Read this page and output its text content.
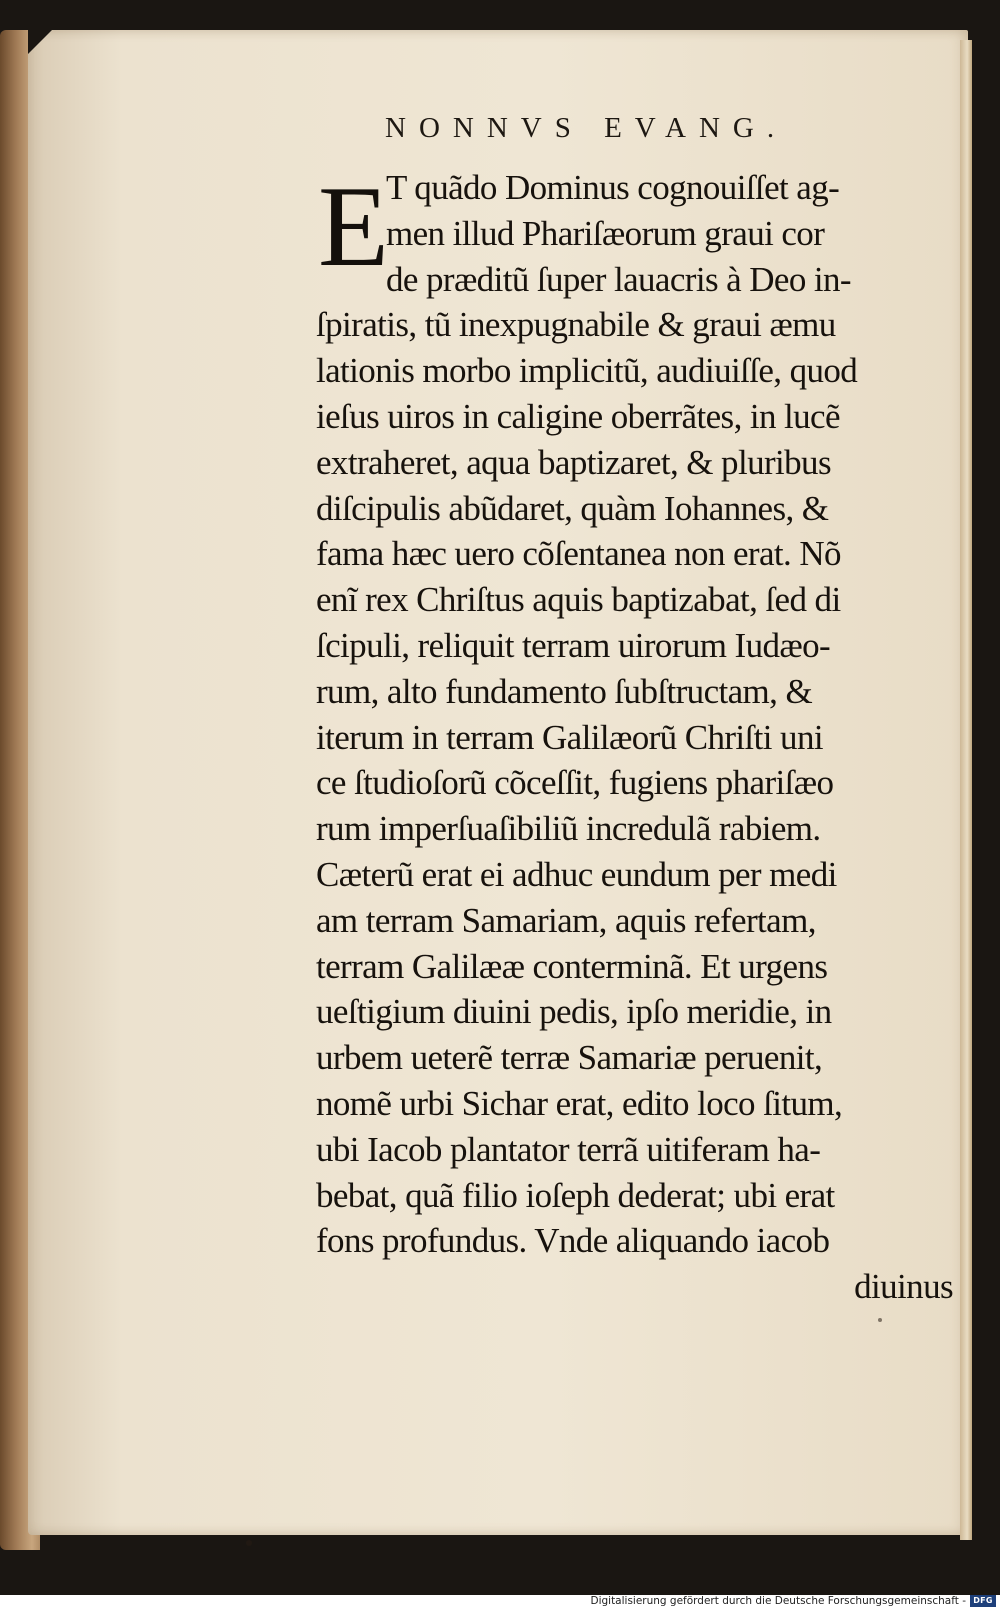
NONNVS EVANG.
E
T quãdo Dominus cognouiſſet ag-
men illud Phariſæorum graui cor
de præditũ ſuper lauacris à Deo in-
ſpiratis, tũ inexpugnabile & graui æmu
lationis morbo implicitũ, audiuiſſe, quod
ieſus uiros in caligine oberrãtes, in lucẽ
extraheret, aqua baptizaret, & pluribus
diſcipulis abũdaret, quàm Iohannes, &
fama hæc uero cõſentanea non erat. Nõ
enĩ rex Chriſtus aquis baptizabat, ſed di
ſcipuli, reliquit terram uirorum Iudæo-
rum, alto fundamento ſubſtructam, &
iterum in terram Galilæorũ Chriſti uni
ce ſtudioſorũ cõceſſit, fugiens phariſæo
rum imperſuaſibiliũ incredulã rabiem.
Cæterũ erat ei adhuc eundum per medi
am terram Samariam, aquis refertam,
terram Galilææ conterminã. Et urgens
ueſtigium diuini pedis, ipſo meridie, in
urbem ueterẽ terræ Samariæ peruenit,
nomẽ urbi Sichar erat, edito loco ſitum,
ubi Iacob plantator terrã uitiferam ha-
bebat, quã filio ioſeph dederat; ubi erat
fons profundus. Vnde aliquando iacob
diuinus
Digitalisierung gefördert durch die Deutsche Forschungsgemeinschaft - DFG
